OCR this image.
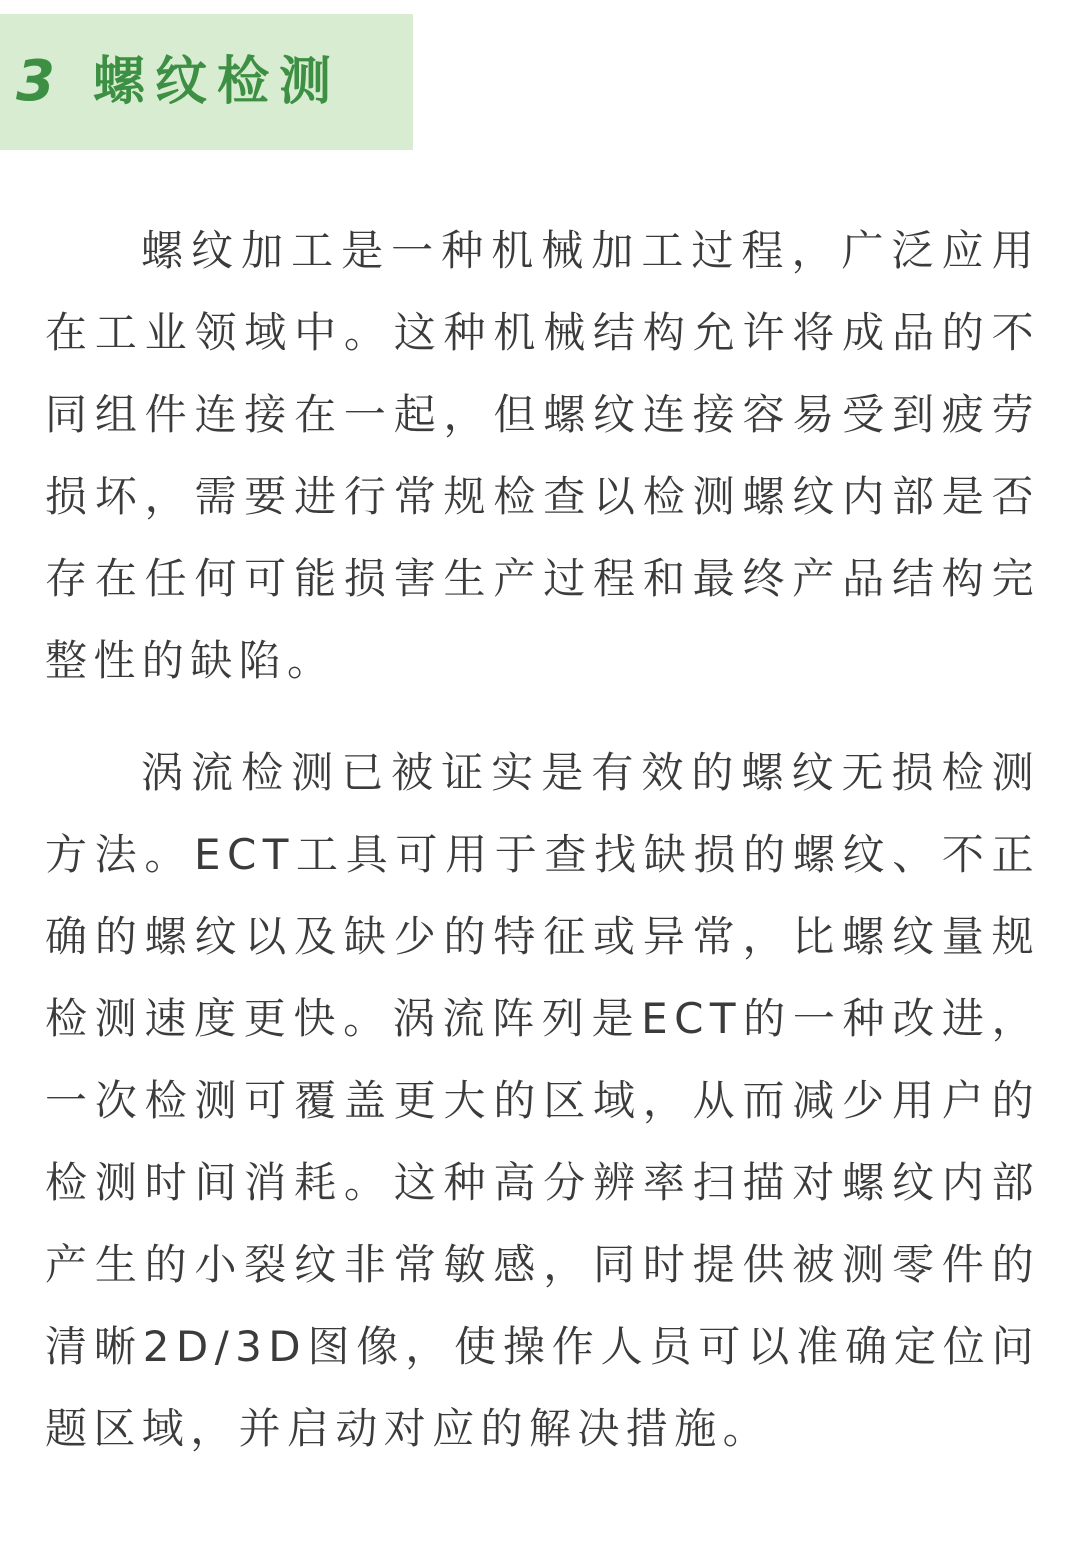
3 螺纹检测

螺纹加工是一种机械加工过程，广泛应用在工业领域中。这种机械结构允许将成品的不同组件连接在一起，但螺纹连接容易受到疲劳损坏，需要进行常规检查以检测螺纹内部是否存在任何可能损害生产过程和最终产品结构完整性的缺陷。

涡流检测已被证实是有效的螺纹无损检测方法。ECT工具可用于查找缺损的螺纹、不正确的螺纹以及缺少的特征或异常，比螺纹量规检测速度更快。涡流阵列是ECT的一种改进，一次检测可覆盖更大的区域，从而减少用户的检测时间消耗。这种高分辨率扫描对螺纹内部产生的小裂纹非常敏感，同时提供被测零件的清晰2D/3D图像，使操作人员可以准确定位问题区域，并启动对应的解决措施。
